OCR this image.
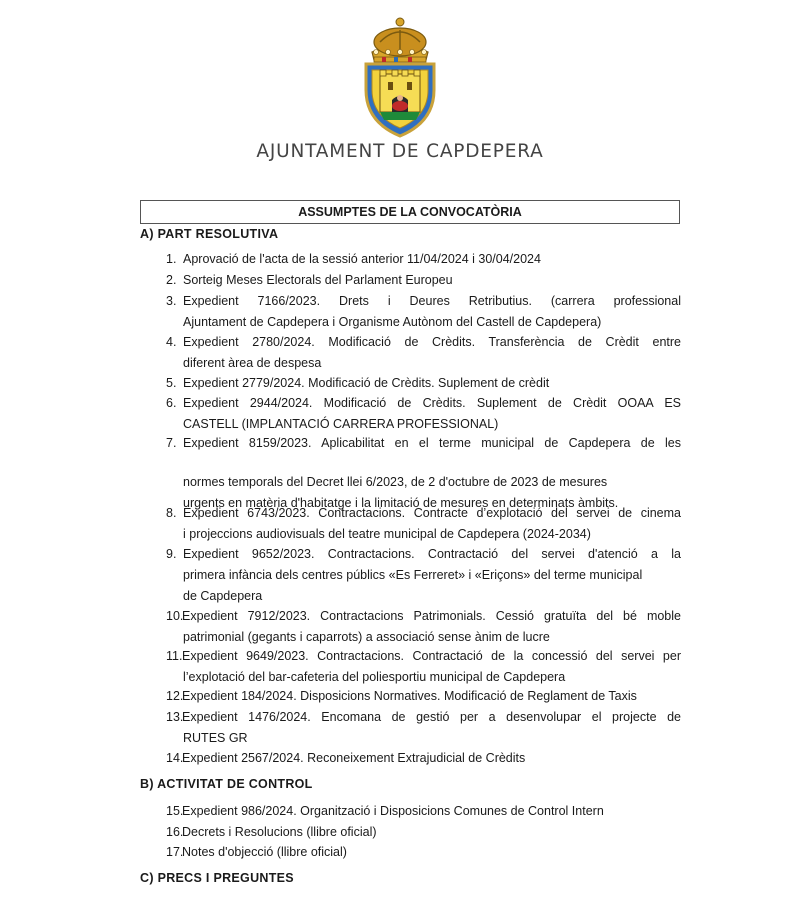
AJUNTAMENT DE CAPDEPERA
ASSUMPTES DE LA CONVOCATÒRIA
A) PART RESOLUTIVA
1. Aprovació de l'acta de la sessió anterior 11/04/2024 i 30/04/2024
2. Sorteig Meses Electorals del Parlament Europeu
3. Expedient 7166/2023. Drets i Deures Retributius. (carrera professional
Ajuntament de Capdepera i Organisme Autònom del Castell de Capdepera)
4. Expedient 2780/2024. Modificació de Crèdits. Transferència de Crèdit entre
diferent àrea de despesa
5. Expedient 2779/2024. Modificació de Crèdits. Suplement de crèdit
6. Expedient 2944/2024. Modificació de Crèdits. Suplement de Crèdit OOAA ES
CASTELL (IMPLANTACIÓ CARRERA PROFESSIONAL)
7. Expedient 8159/2023. Aplicabilitat en el terme municipal de Capdepera de les
normes temporals del Decret llei 6/2023, de 2 d'octubre de 2023 de mesures
urgents en matèria d'habitatge i la limitació de mesures en determinats àmbits.
8. Expedient 6743/2023. Contractacions. Contracte d’explotació del servei de cinema
i projeccions audiovisuals del teatre municipal de Capdepera (2024-2034)
9. Expedient 9652/2023. Contractacions. Contractació del servei d'atenció a la
primera infància dels centres públics «Es Ferreret» i «Eriçons» del terme municipal
de Capdepera
10.Expedient 7912/2023. Contractacions Patrimonials. Cessió gratuïta del bé moble
patrimonial (gegants i caparrots) a associació sense ànim de lucre
11.Expedient 9649/2023. Contractacions. Contractació de la concessió del servei per
l’explotació del bar-cafeteria del poliesportiu municipal de Capdepera
12.Expedient 184/2024. Disposicions Normatives. Modificació de Reglament de Taxis
13.Expedient 1476/2024. Encomana de gestió per a desenvolupar el projecte de
RUTES GR
14.Expedient 2567/2024. Reconeixement Extrajudicial de Crèdits
B) ACTIVITAT DE CONTROL
15.Expedient 986/2024. Organització i Disposicions Comunes de Control Intern
16.Decrets i Resolucions (llibre oficial)
17.Notes d'objecció (llibre oficial)
C) PRECS I PREGUNTES
